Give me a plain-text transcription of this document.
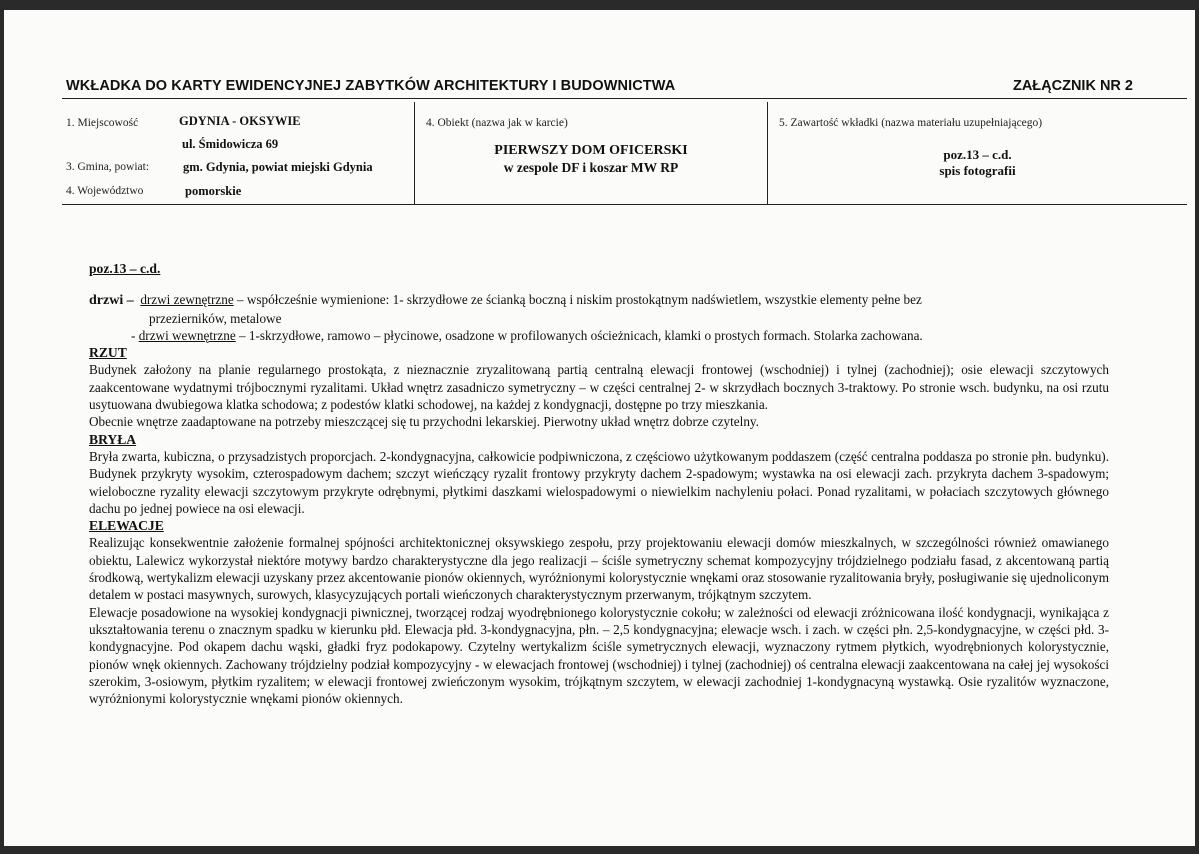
WKŁADKA DO KARTY EWIDENCYJNEJ ZABYTKÓW ARCHITEKTURY I BUDOWNICTWA	ZAŁĄCZNIK NR 2
1. Miejscowość	GDYNIA - OKSYWIE
ul. Śmidowicza 69
3. Gmina, powiat:	gm. Gdynia, powiat miejski Gdynia
4. Województwo	pomorskie
4. Obiekt (nazwa jak w karcie)
PIERWSZY DOM OFICERSKI
w zespole DF i koszar MW RP
5. Zawartość wkładki (nazwa materiału uzupełniającego)
poz.13 – c.d.
spis fotografii

poz.13 – c.d.

drzwi – drzwi zewnętrzne – współcześnie wymienione: 1- skrzydłowe ze ścianką boczną i niskim prostokątnym nadświetlem, wszystkie elementy pełne bez

przezierników, metalowe

- drzwi wewnętrzne – 1-skrzydłowe, ramowo – płycinowe, osadzone w profilowanych ościeżnicach, klamki o prostych formach. Stolarka zachowana.

RZUT

Budynek założony na planie regularnego prostokąta, z nieznacznie zryzalitowaną partią centralną elewacji frontowej (wschodniej) i tylnej (zachodniej); osie elewacji szczytowych zaakcentowane wydatnymi trójbocznymi ryzalitami. Układ wnętrz zasadniczo symetryczny – w części centralnej 2- w skrzydłach bocznych 3-traktowy. Po stronie wsch. budynku, na osi rzutu usytuowana dwubiegowa klatka schodowa; z podestów klatki schodowej, na każdej z kondygnacji, dostępne po trzy mieszkania.

Obecnie wnętrze zaadaptowane na potrzeby mieszczącej się tu przychodni lekarskiej. Pierwotny układ wnętrz dobrze czytelny.

BRYŁA

Bryła zwarta, kubiczna, o przysadzistych proporcjach. 2-kondygnacyjna, całkowicie podpiwniczona, z częściowo użytkowanym poddaszem (część centralna poddasza po stronie płn. budynku). Budynek przykryty wysokim, czterospadowym dachem; szczyt wieńczący ryzalit frontowy przykryty dachem 2-spadowym; wystawka na osi elewacji zach. przykryta dachem 3-spadowym; wieloboczne ryzality elewacji szczytowym przykryte odrębnymi, płytkimi daszkami wielospadowymi o niewielkim nachyleniu połaci. Ponad ryzalitami, w połaciach szczytowych głównego dachu po jednej powiece na osi elewacji.

ELEWACJE

Realizując konsekwentnie założenie formalnej spójności architektonicznej oksywskiego zespołu, przy projektowaniu elewacji domów mieszkalnych, w szczególności również omawianego obiektu, Lalewicz wykorzystał niektóre motywy bardzo charakterystyczne dla jego realizacji – ściśle symetryczny schemat kompozycyjny trójdzielnego podziału fasad, z akcentowaną partią środkową, wertykalizm elewacji uzyskany przez akcentowanie pionów okiennych, wyróżnionymi kolorystycznie wnękami oraz stosowanie ryzalitowania bryły, posługiwanie się ujednoliconym detalem w postaci masywnych, surowych, klasycyzujących portali wieńczonych charakterystycznym przerwanym, trójkątnym szczytem.

Elewacje posadowione na wysokiej kondygnacji piwnicznej, tworzącej rodzaj wyodrębnionego kolorystycznie cokołu; w zależności od elewacji zróżnicowana ilość kondygnacji, wynikająca z ukształtowania terenu o znacznym spadku w kierunku płd. Elewacja płd. 3-kondygnacyjna, płn. – 2,5 kondygnacyjna; elewacje wsch. i zach. w części płn. 2,5-kondygnacyjne, w części płd. 3-kondygnacyjne. Pod okapem dachu wąski, gładki fryz podokapowy. Czytelny wertykalizm ściśle symetrycznych elewacji, wyznaczony rytmem płytkich, wyodrębnionych kolorystycznie, pionów wnęk okiennych. Zachowany trójdzielny podział kompozycyjny - w elewacjach frontowej (wschodniej) i tylnej (zachodniej) oś centralna elewacji zaakcentowana na całej jej wysokości szerokim, 3-osiowym, płytkim ryzalitem; w elewacji frontowej zwieńczonym wysokim, trójkątnym szczytem, w elewacji zachodniej 1-kondygnacyną wystawką. Osie ryzalitów wyznaczone, wyróżnionymi kolorystycznie wnękami pionów okiennych.
